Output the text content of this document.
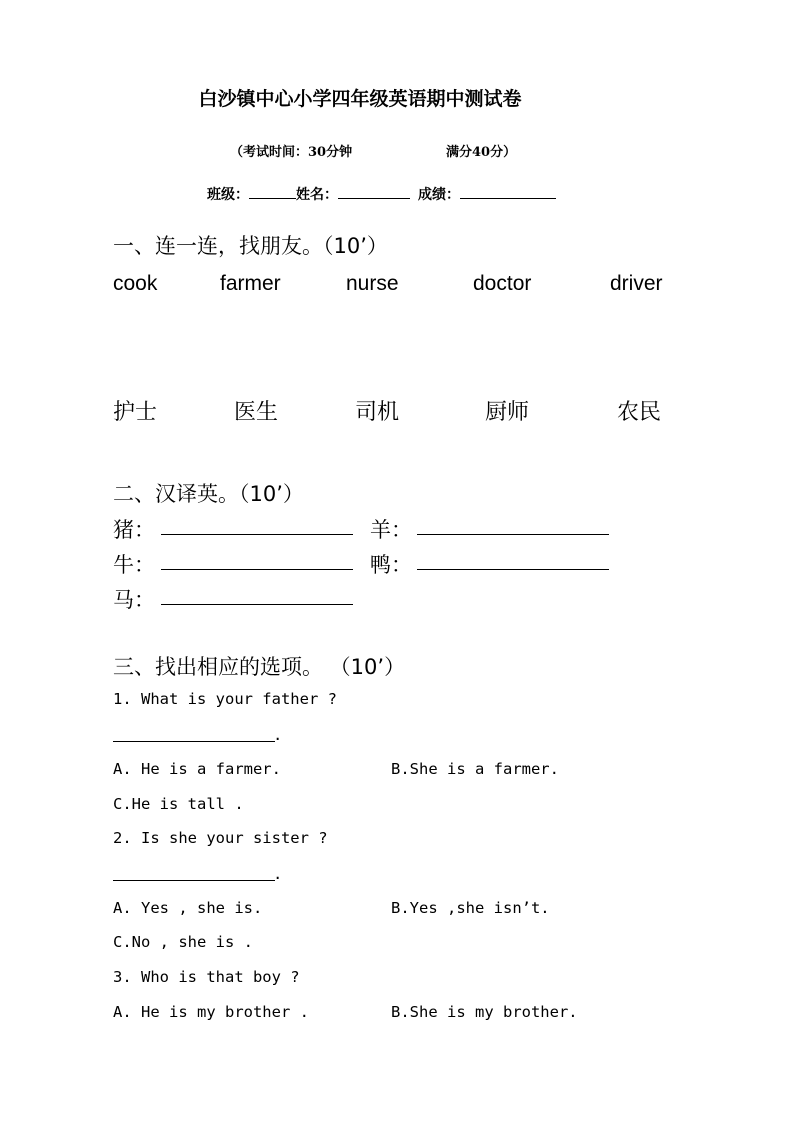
白沙镇中心小学四年级英语期中测试卷
（考试时间：30分钟	满分40分）
班级：	姓名：	成绩：
一、连一连，找朋友。（10’）
cook	farmer	nurse	doctor	driver
护士	医生	司机	厨师	农民
二、汉译英。（10’）
猪：	羊：
牛：	鸭：
马：
三、找出相应的选项。 （10’）
1. What is your father ?
.
A. He is a farmer.	B.She is a farmer.
C.He is tall .
2. Is she your sister ?
.
A. Yes , she is.	B.Yes ,she isn’t.
C.No , she is .
3. Who is that boy ?
A. He is my brother .	B.She is my brother.
